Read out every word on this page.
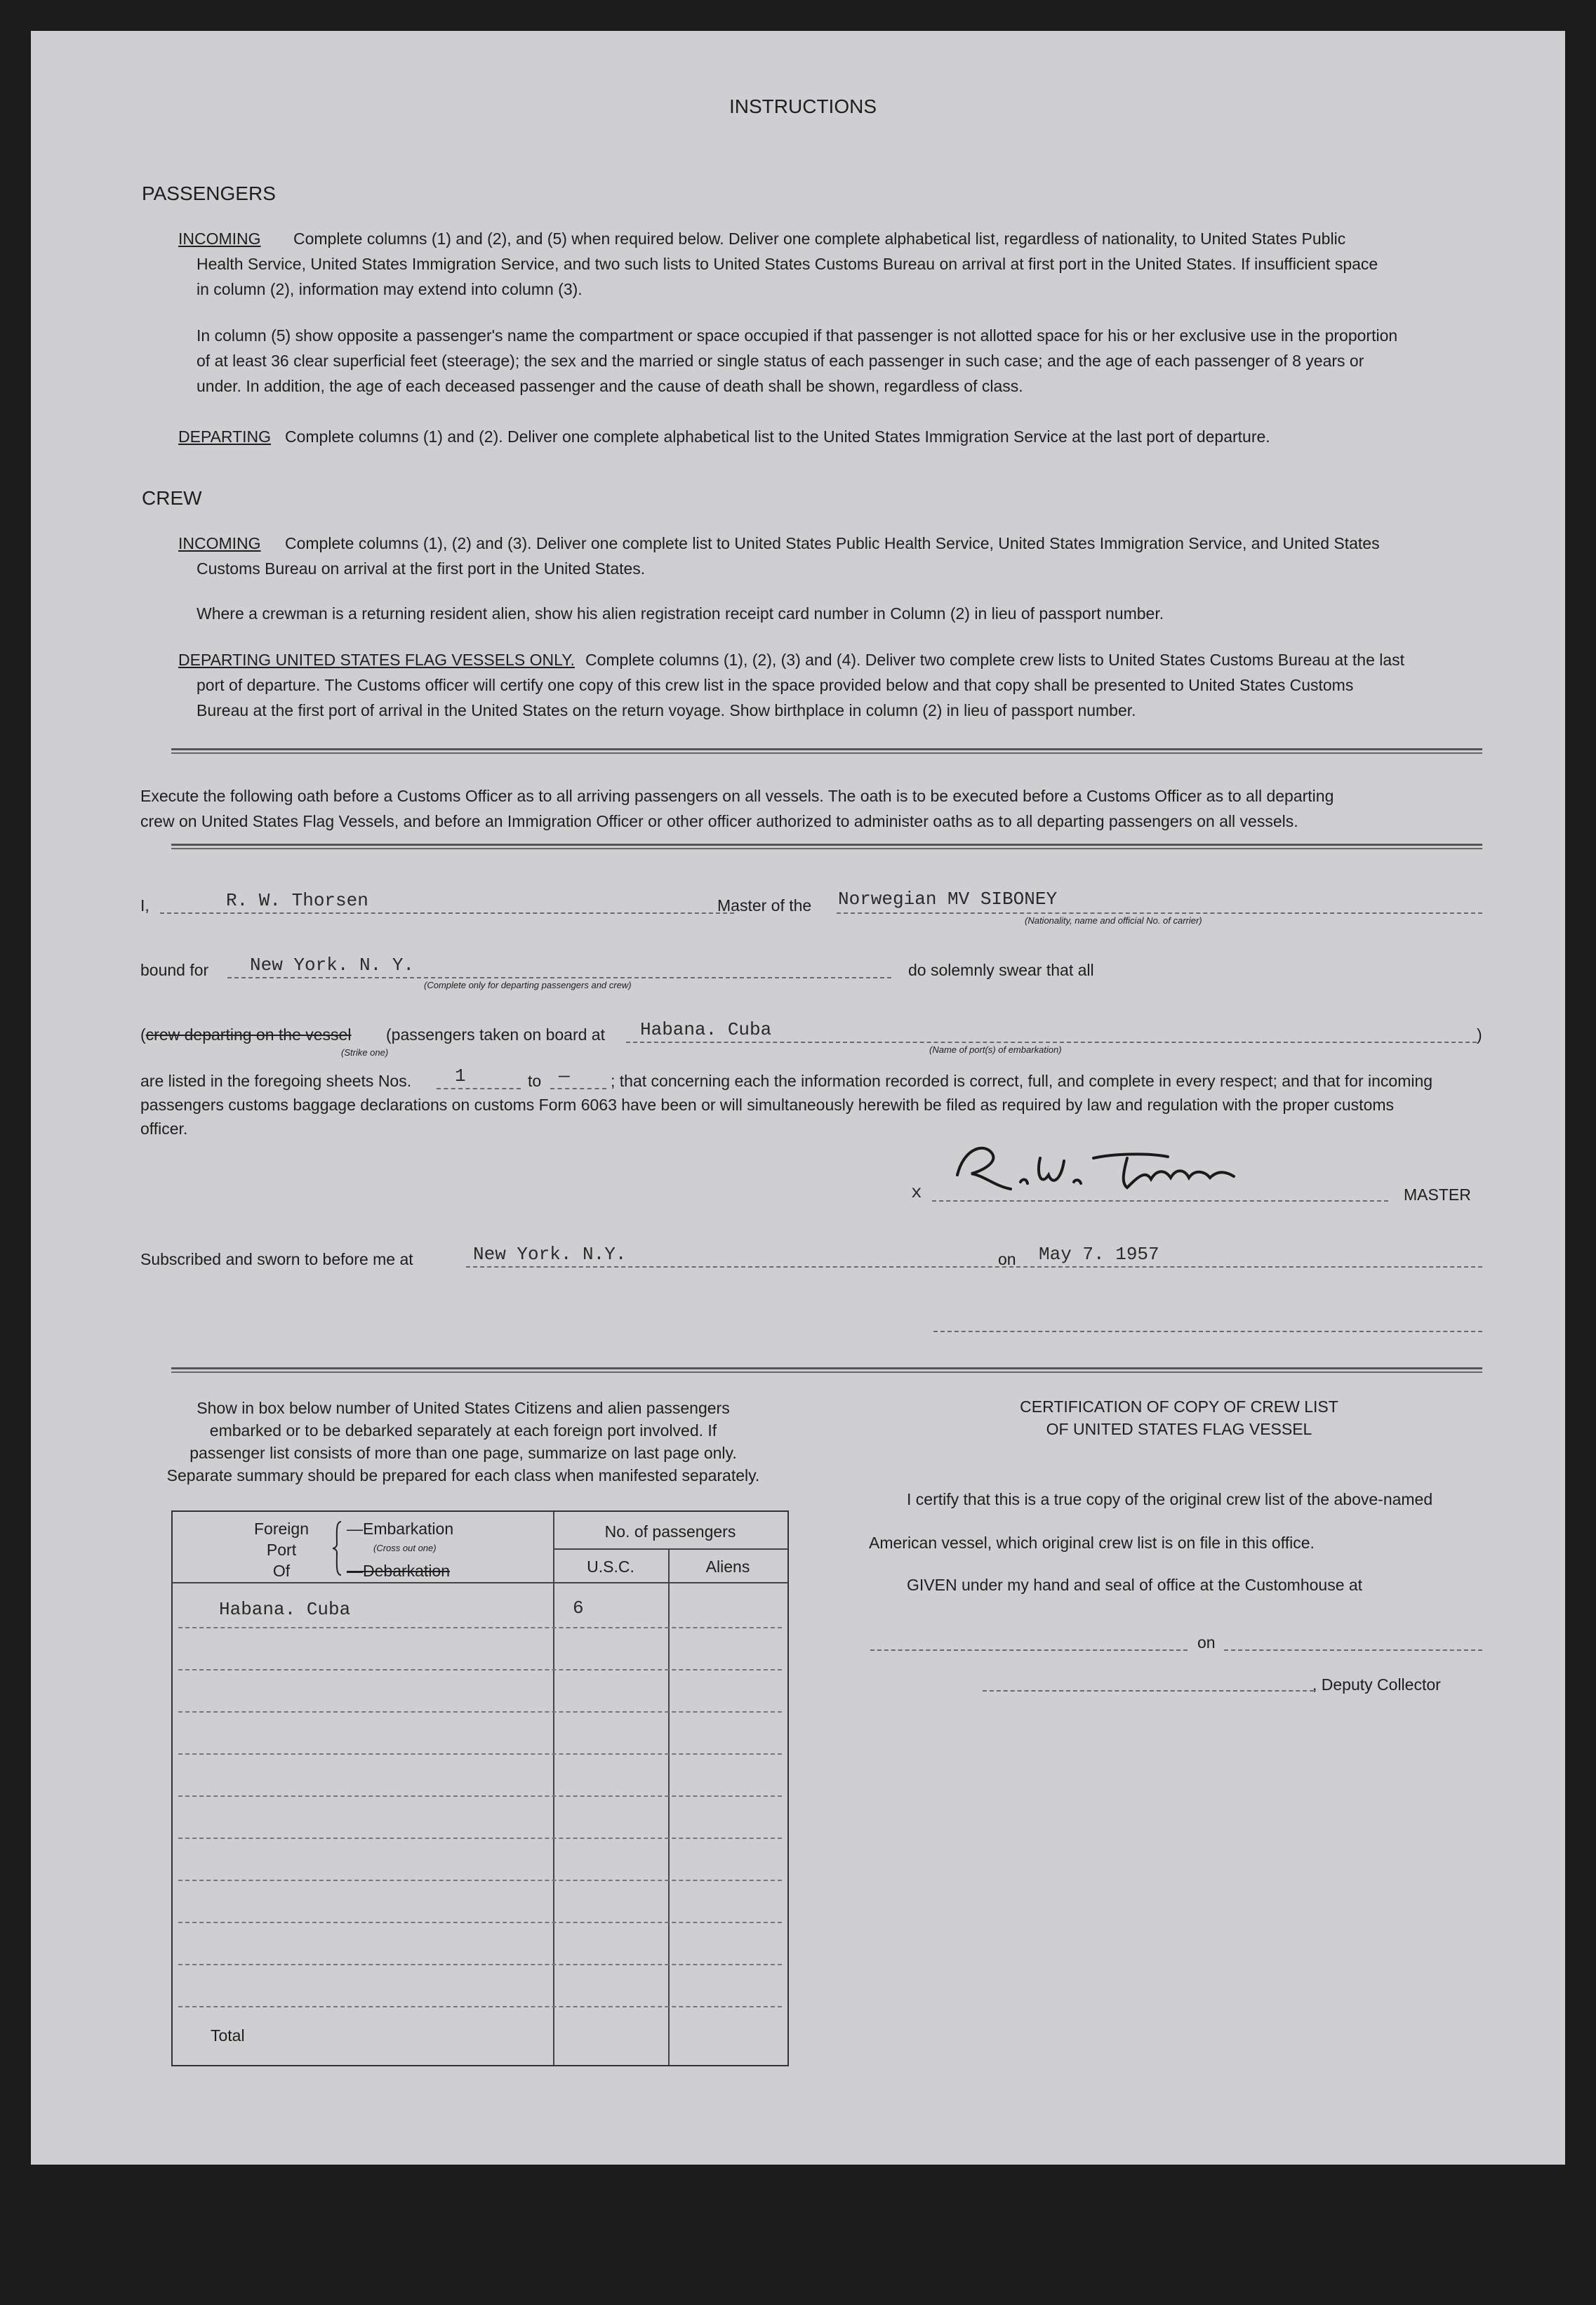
INSTRUCTIONS
PASSENGERS
INCOMING Complete columns (1) and (2), and (5) when required below. Deliver one complete alphabetical list, regardless of nationality, to United States Public
Health Service, United States Immigration Service, and two such lists to United States Customs Bureau on arrival at first port in the United States. If insufficient space
in column (2), information may extend into column (3).
In column (5) show opposite a passenger's name the compartment or space occupied if that passenger is not allotted space for his or her exclusive use in the proportion
of at least 36 clear superficial feet (steerage); the sex and the married or single status of each passenger in such case; and the age of each passenger of 8 years or
under. In addition, the age of each deceased passenger and the cause of death shall be shown, regardless of class.
DEPARTING Complete columns (1) and (2). Deliver one complete alphabetical list to the United States Immigration Service at the last port of departure.
CREW
INCOMING Complete columns (1), (2) and (3). Deliver one complete list to United States Public Health Service, United States Immigration Service, and United States
Customs Bureau on arrival at the first port in the United States.
Where a crewman is a returning resident alien, show his alien registration receipt card number in Column (2) in lieu of passport number.
DEPARTING UNITED STATES FLAG VESSELS ONLY. Complete columns (1), (2), (3) and (4). Deliver two complete crew lists to United States Customs Bureau at the last
port of departure. The Customs officer will certify one copy of this crew list in the space provided below and that copy shall be presented to United States Customs
Bureau at the first port of arrival in the United States on the return voyage. Show birthplace in column (2) in lieu of passport number.
Execute the following oath before a Customs Officer as to all arriving passengers on all vessels. The oath is to be executed before a Customs Officer as to all departing
crew on United States Flag Vessels, and before an Immigration Officer or other officer authorized to administer oaths as to all departing passengers on all vessels.
I,	R. W. Thorsen	Master of the Norwegian MV SIBONEY
(Nationality, name and official No. of carrier)
bound for New York. N. Y.
(Complete only for departing passengers and crew)
do solemnly swear that all
(crew departing on the vessel
(Strike one)
(passengers taken on board at Habana. Cuba
(Name of port(s) of embarkation)
)
are listed in the foregoing sheets Nos. 1	to —	; that concerning each the information recorded is correct, full, and complete in every respect; and that for incoming
passengers customs baggage declarations on customs Form 6063 have been or will simultaneously herewith be filed as required by law and regulation with the proper customs
officer.
x	MASTER
Subscribed and sworn to before me at	New York. N.Y.	on May 7. 1957
Show in box below number of United States Citizens and alien passengers
embarked or to be debarked separately at each foreign port involved. If
passenger list consists of more than one page, summarize on last page only.
Separate summary should be prepared for each class when manifested separately.
Foreign
Port
Of
—Embarkation
(Cross out one)
—Debarkation
No. of passengers
U.S.C.	Aliens
Habana. Cuba	6
Total
CERTIFICATION OF COPY OF CREW LIST
OF UNITED STATES FLAG VESSEL
I certify that this is a true copy of the original crew list of the above-named
American vessel, which original crew list is on file in this office.
GIVEN under my hand and seal of office at the Customhouse at
on
, Deputy Collector
